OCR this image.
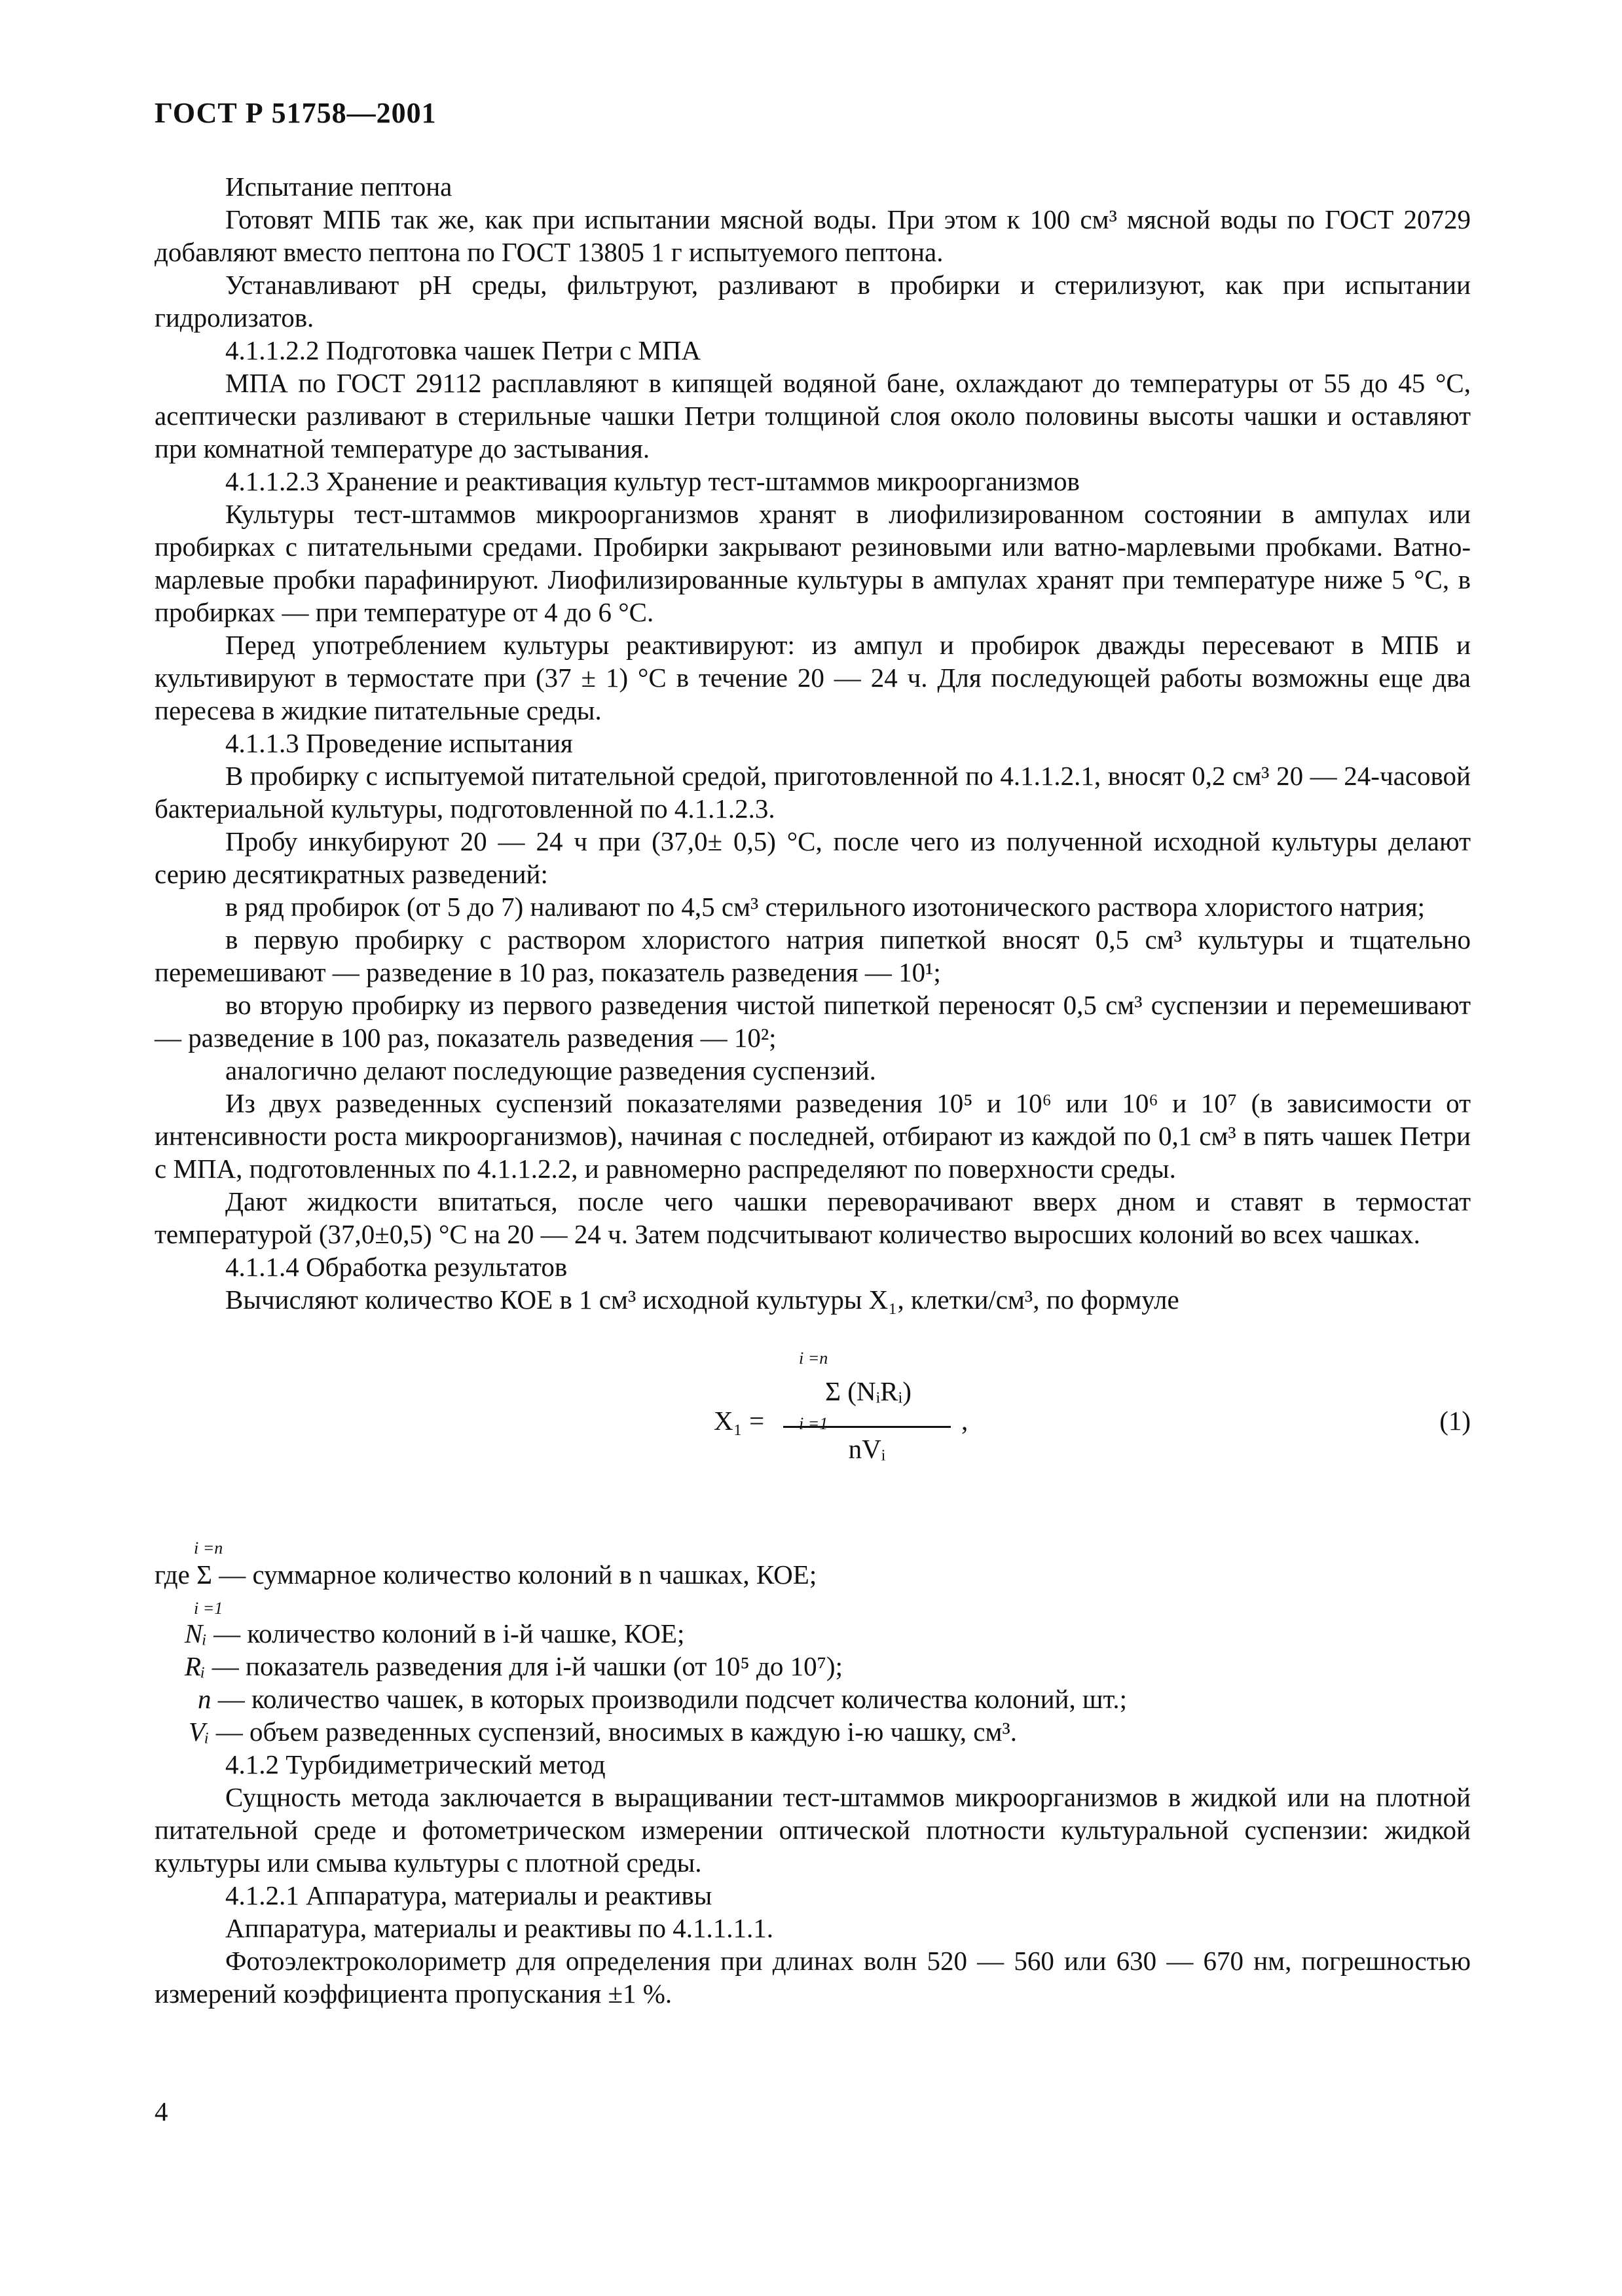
ГОСТ Р 51758—2001

Испытание пептона

Готовят МПБ так же, как при испытании мясной воды. При этом к 100 см³ мясной воды по ГОСТ 20729 добавляют вместо пептона по ГОСТ 13805 1 г испытуемого пептона.

Устанавливают pH среды, фильтруют, разливают в пробирки и стерилизуют, как при испытании гидролизатов.

4.1.1.2.2 Подготовка чашек Петри с МПА

МПА по ГОСТ 29112 расплавляют в кипящей водяной бане, охлаждают до температуры от 55 до 45 °С, асептически разливают в стерильные чашки Петри толщиной слоя около половины высоты чашки и оставляют при комнатной температуре до застывания.

4.1.1.2.3 Хранение и реактивация культур тест-штаммов микроорганизмов

Культуры тест-штаммов микроорганизмов хранят в лиофилизированном состоянии в ампулах или пробирках с питательными средами. Пробирки закрывают резиновыми или ватно-марлевыми пробками. Ватно-марлевые пробки парафинируют. Лиофилизированные культуры в ампулах хранят при температуре ниже 5 °С, в пробирках — при температуре от 4 до 6 °С.

Перед употреблением культуры реактивируют: из ампул и пробирок дважды пересевают в МПБ и культивируют в термостате при (37 ± 1) °С в течение 20 — 24 ч. Для последующей работы возможны еще два пересева в жидкие питательные среды.

4.1.1.3 Проведение испытания

В пробирку с испытуемой питательной средой, приготовленной по 4.1.1.2.1, вносят 0,2 см³ 20 — 24-часовой бактериальной культуры, подготовленной по 4.1.1.2.3.

Пробу инкубируют 20 — 24 ч при (37,0± 0,5) °С, после чего из полученной исходной культуры делают серию десятикратных разведений:

в ряд пробирок (от 5 до 7) наливают по 4,5 см³ стерильного изотонического раствора хлористого натрия;

в первую пробирку с раствором хлористого натрия пипеткой вносят 0,5 см³ культуры и тщательно перемешивают — разведение в 10 раз, показатель разведения — 10¹;

во вторую пробирку из первого разведения чистой пипеткой переносят 0,5 см³ суспензии и перемешивают — разведение в 100 раз, показатель разведения — 10²;

аналогично делают последующие разведения суспензий.

Из двух разведенных суспензий показателями разведения 10⁵ и 10⁶ или 10⁶ и 10⁷ (в зависимости от интенсивности роста микроорганизмов), начиная с последней, отбирают из каждой по 0,1 см³ в пять чашек Петри с МПА, подготовленных по 4.1.1.2.2, и равномерно распределяют по поверхности среды.

Дают жидкости впитаться, после чего чашки переворачивают вверх дном и ставят в термостат температурой (37,0±0,5) °С на 20 — 24 ч. Затем подсчитывают количество выросших колоний во всех чашках.

4.1.1.4 Обработка результатов

Вычисляют количество КОЕ в 1 см³ исходной культуры X₁, клетки/см³, по формуле

X₁ =
i =n
Σ (NᵢRᵢ)
i =1
nVᵢ
,	(1)
i =n
где Σ — суммарное количество колоний в n чашках, КОЕ;
i =1
Nᵢ — количество колоний в i-й чашке, КОЕ;
Rᵢ — показатель разведения для i-й чашки (от 10⁵ до 10⁷);
n — количество чашек, в которых производили подсчет количества колоний, шт.;
Vᵢ — объем разведенных суспензий, вносимых в каждую i-ю чашку, см³.

4.1.2 Турбидиметрический метод

Сущность метода заключается в выращивании тест-штаммов микроорганизмов в жидкой или на плотной питательной среде и фотометрическом измерении оптической плотности культуральной суспензии: жидкой культуры или смыва культуры с плотной среды.

4.1.2.1 Аппаратура, материалы и реактивы

Аппаратура, материалы и реактивы по 4.1.1.1.1.

Фотоэлектроколориметр для определения при длинах волн 520 — 560 или 630 — 670 нм, погрешностью измерений коэффициента пропускания ±1 %.

4
